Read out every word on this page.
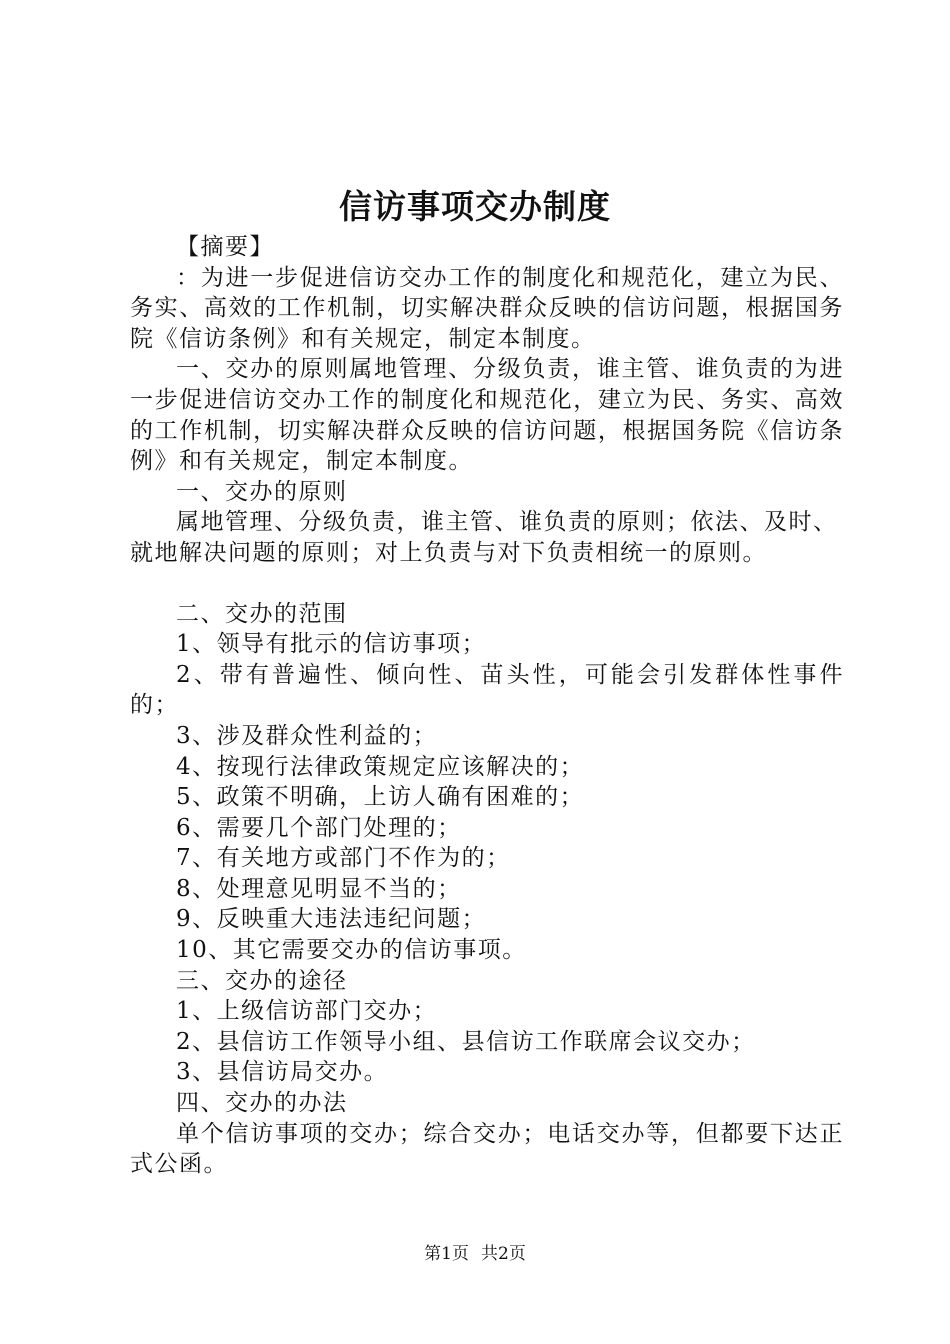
信访事项交办制度

【摘要】

：为进一步促进信访交办工作的制度化和规范化，建立为民、务实、高效的工作机制，切实解决群众反映的信访问题，根据国务院《信访条例》和有关规定，制定本制度。

一、交办的原则属地管理、分级负责，谁主管、谁负责的为进一步促进信访交办工作的制度化和规范化，建立为民、务实、高效的工作机制，切实解决群众反映的信访问题，根据国务院《信访条例》和有关规定，制定本制度。

一、交办的原则

属地管理、分级负责，谁主管、谁负责的原则；依法、及时、就地解决问题的原则；对上负责与对下负责相统一的原则。

二、交办的范围

1、领导有批示的信访事项；

2、带有普遍性、倾向性、苗头性，可能会引发群体性事件的；

3、涉及群众性利益的；

4、按现行法律政策规定应该解决的；

5、政策不明确，上访人确有困难的；

6、需要几个部门处理的；

7、有关地方或部门不作为的；

8、处理意见明显不当的；

9、反映重大违法违纪问题；

10、其它需要交办的信访事项。

三、交办的途径

1、上级信访部门交办；

2、县信访工作领导小组、县信访工作联席会议交办；

3、县信访局交办。

四、交办的办法

单个信访事项的交办；综合交办；电话交办等，但都要下达正式公函。

第1页 共2页
